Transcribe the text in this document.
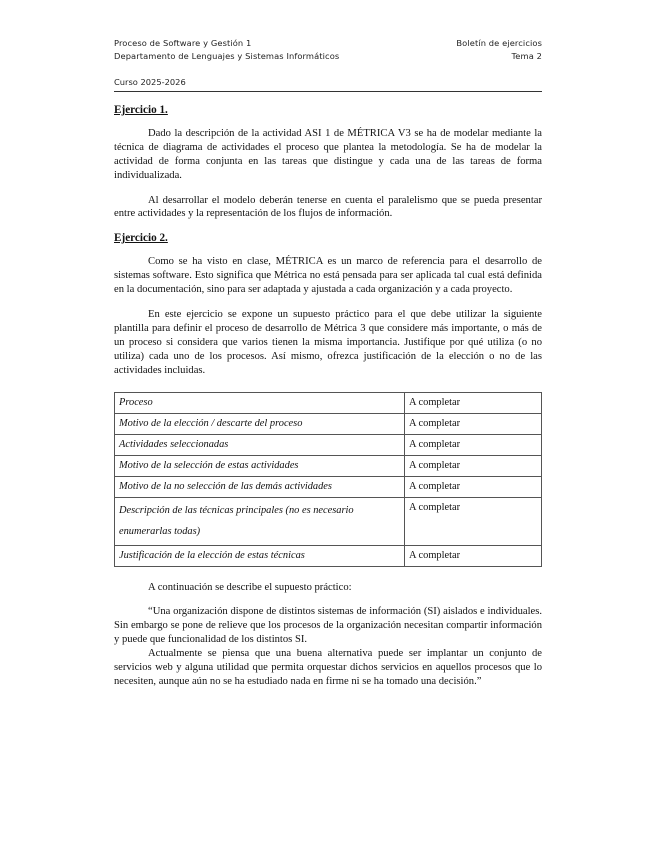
Proceso de Software y Gestión 1	Boletín de ejercicios
Departamento de Lenguajes y Sistemas Informáticos	Tema 2
Curso 2025-2026
Ejercicio 1.

Dado la descripción de la actividad ASI 1 de MÉTRICA V3 se ha de modelar mediante la técnica de diagrama de actividades el proceso que plantea la metodología. Se ha de modelar la actividad de forma conjunta en las tareas que distingue y cada una de las tareas de forma individualizada.

Al desarrollar el modelo deberán tenerse en cuenta el paralelismo que se pueda presentar entre actividades y la representación de los flujos de información.

Ejercicio 2.

Como se ha visto en clase, MÉTRICA es un marco de referencia para el desarrollo de sistemas software. Esto significa que Métrica no está pensada para ser aplicada tal cual está definida en la documentación, sino para ser adaptada y ajustada a cada organización y a cada proyecto.

En este ejercicio se expone un supuesto práctico para el que debe utilizar la siguiente plantilla para definir el proceso de desarrollo de Métrica 3 que considere más importante, o más de un proceso si considera que varios tienen la misma importancia. Justifique por qué utiliza (o no utiliza) cada uno de los procesos. Así mismo, ofrezca justificación de la elección o no de las actividades incluidas.

Proceso	A completar
Motivo de la elección / descarte del proceso	A completar
Actividades seleccionadas	A completar
Motivo de la selección de estas actividades	A completar
Motivo de la no selección de las demás actividades	A completar
Descripción de las técnicas principales (no es necesario enumerarlas todas)	A completar
Justificación de la elección de estas técnicas	A completar

A continuación se describe el supuesto práctico:

“Una organización dispone de distintos sistemas de información (SI) aislados e individuales. Sin embargo se pone de relieve que los procesos de la organización necesitan compartir información y puede que funcionalidad de los distintos SI.

Actualmente se piensa que una buena alternativa puede ser implantar un conjunto de servicios web y alguna utilidad que permita orquestar dichos servicios en aquellos procesos que lo necesiten, aunque aún no se ha estudiado nada en firme ni se ha tomado una decisión.”
